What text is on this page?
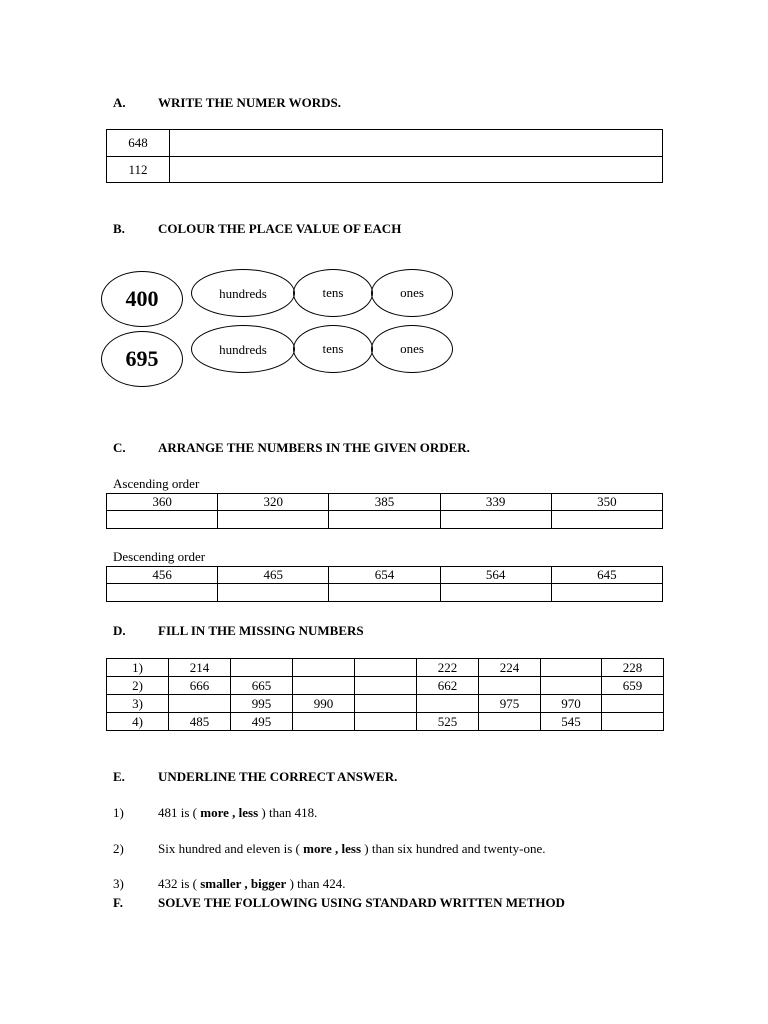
A. WRITE THE NUMER WORDS.
648	
112	
B.	COLOUR THE PLACE VALUE OF EACH
400	hundreds	tens	ones
695	hundreds	tens	ones
C. ARRANGE THE NUMBERS IN THE GIVEN ORDER.
Ascending order
360	320	385	339	350

Descending order
456	465	654	564	645

D. FILL IN THE MISSING NUMBERS
1)	214				222	224		228
2)	666	665			662			659
3)		995	990			975	970	
4)	485	495			525		545	
E.	UNDERLINE THE CORRECT ANSWER.
1)	481 is ( more , less ) than 418.
2)	Six hundred and eleven is ( more , less ) than six hundred and twenty-one.
3)	432 is ( smaller , bigger ) than 424.
F.	SOLVE THE FOLLOWING USING STANDARD WRITTEN METHOD
